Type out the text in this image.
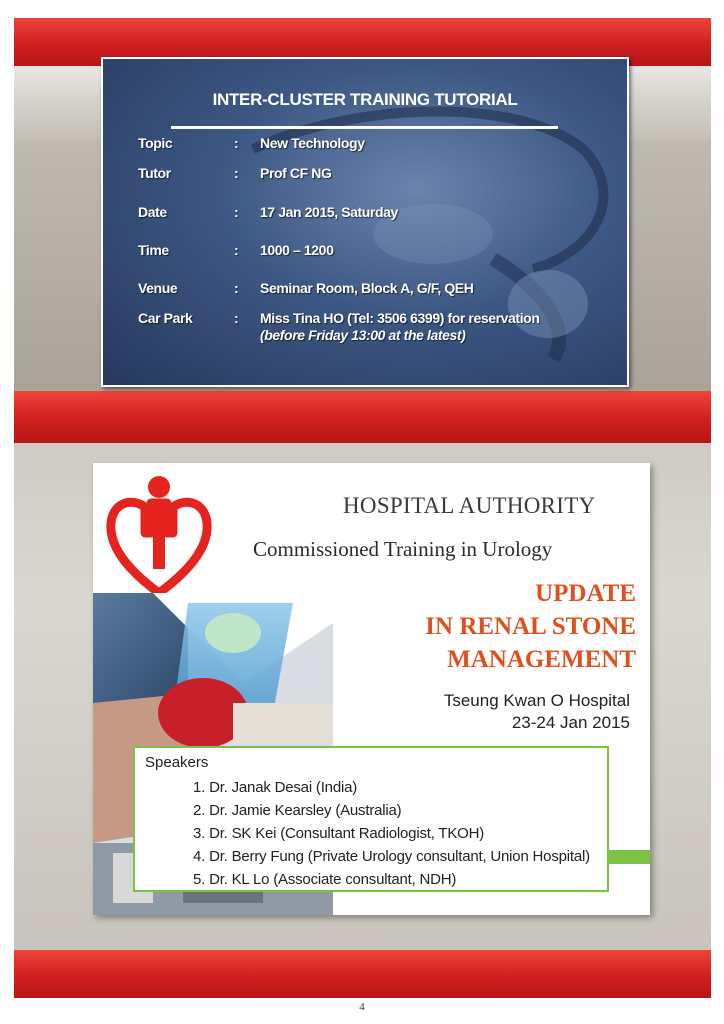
INTER-CLUSTER TRAINING TUTORIAL
Topic	: New Technology
Tutor	: Prof CF NG
Date	: 17 Jan 2015, Saturday
Time	: 1000 – 1200
Venue	: Seminar Room, Block A, G/F, QEH
Car Park	: Miss Tina HO (Tel: 3506 6399) for reservation
(before Friday 13:00 at the latest)
HOSPITAL AUTHORITY
Commissioned Training in Urology
UPDATE
IN RENAL STONE
MANAGEMENT
Tseung Kwan O Hospital
23-24 Jan 2015
Speakers
1. Dr. Janak Desai (India)
2. Dr. Jamie Kearsley (Australia)
3. Dr. SK Kei (Consultant Radiologist, TKOH)
4. Dr. Berry Fung (Private Urology consultant, Union Hospital)
5. Dr. KL Lo (Associate consultant, NDH)
4
